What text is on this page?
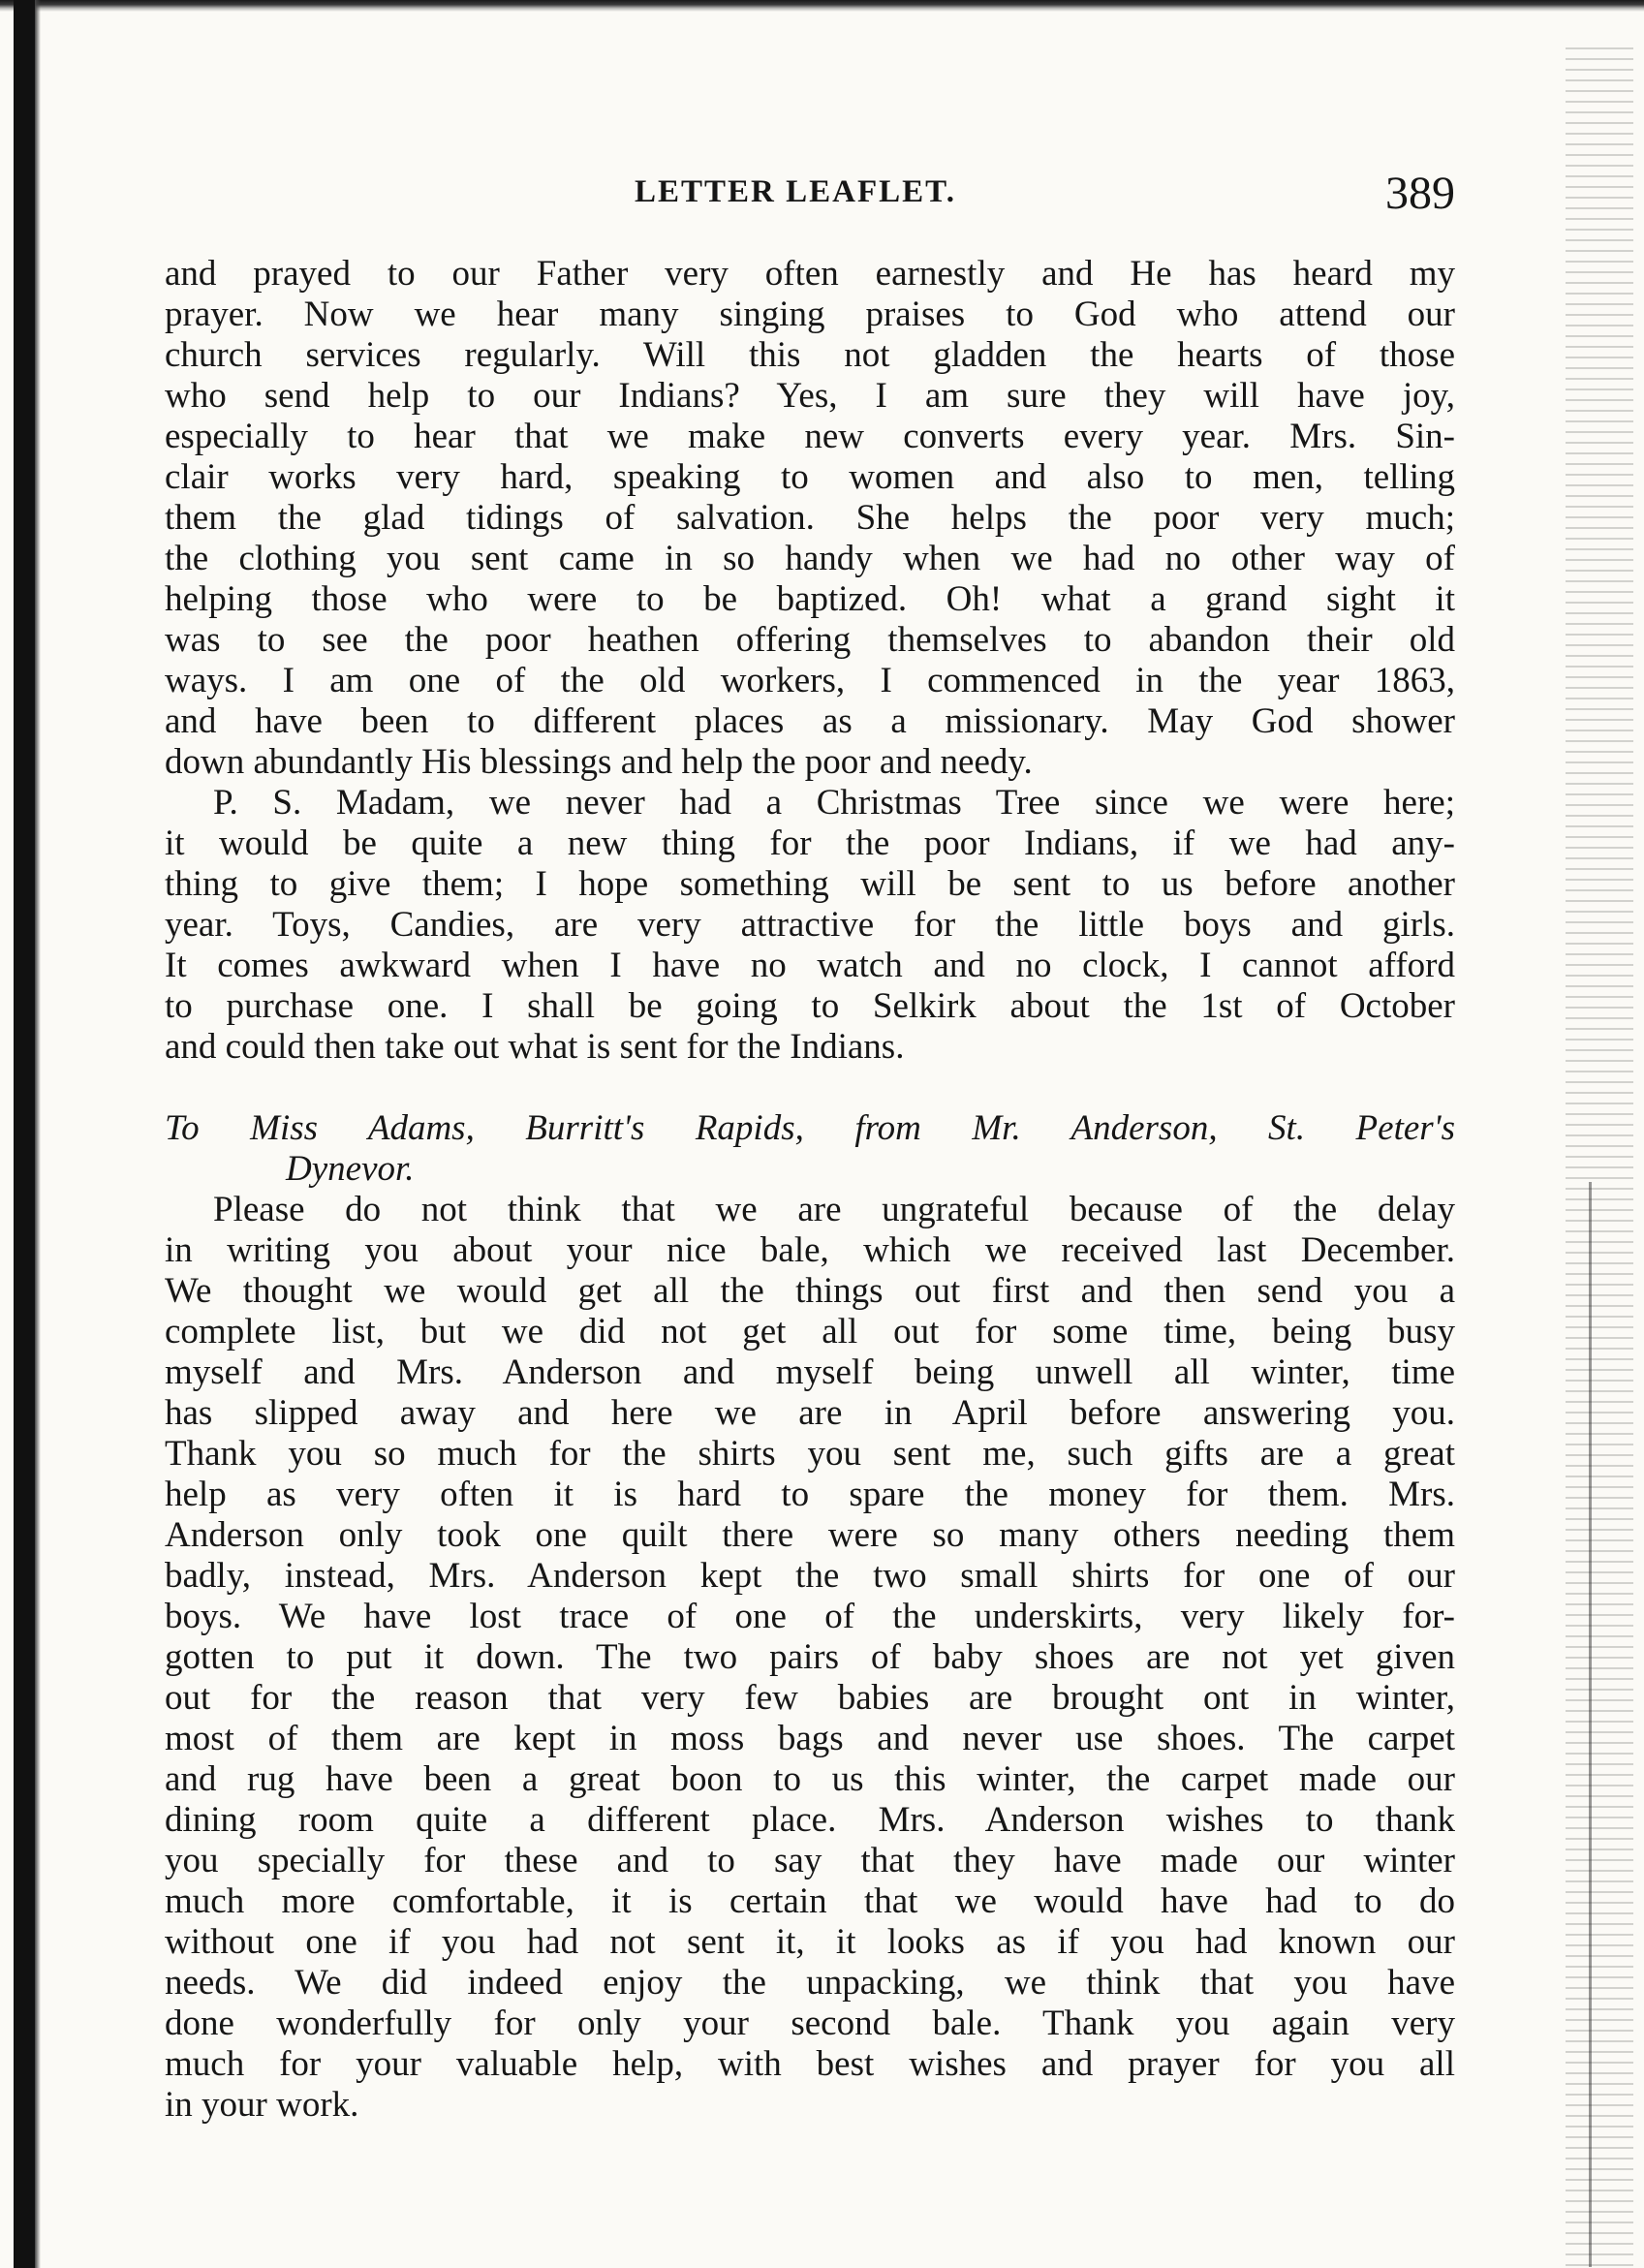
LETTER LEAFLET.	389
and prayed to our Father very often earnestly and He has heard my
prayer. Now we hear many singing praises to God who attend our
church services regularly. Will this not gladden the hearts of those
who send help to our Indians? Yes, I am sure they will have joy,
especially to hear that we make new converts every year. Mrs. Sin-
clair works very hard, speaking to women and also to men, telling
them the glad tidings of salvation. She helps the poor very much;
the clothing you sent came in so handy when we had no other way of
helping those who were to be baptized. Oh! what a grand sight it
was to see the poor heathen offering themselves to abandon their old
ways. I am one of the old workers, I commenced in the year 1863,
and have been to different places as a missionary. May God shower
down abundantly His blessings and help the poor and needy.
P. S. Madam, we never had a Christmas Tree since we were here;
it would be quite a new thing for the poor Indians, if we had any-
thing to give them; I hope something will be sent to us before another
year. Toys, Candies, are very attractive for the little boys and girls.
It comes awkward when I have no watch and no clock, I cannot afford
to purchase one. I shall be going to Selkirk about the 1st of October
and could then take out what is sent for the Indians.
To Miss Adams, Burritt's Rapids, from Mr. Anderson, St. Peter's
Dynevor.
Please do not think that we are ungrateful because of the delay
in writing you about your nice bale, which we received last December.
We thought we would get all the things out first and then send you a
complete list, but we did not get all out for some time, being busy
myself and Mrs. Anderson and myself being unwell all winter, time
has slipped away and here we are in April before answering you.
Thank you so much for the shirts you sent me, such gifts are a great
help as very often it is hard to spare the money for them. Mrs.
Anderson only took one quilt there were so many others needing them
badly, instead, Mrs. Anderson kept the two small shirts for one of our
boys. We have lost trace of one of the underskirts, very likely for-
gotten to put it down. The two pairs of baby shoes are not yet given
out for the reason that very few babies are brought ont in winter,
most of them are kept in moss bags and never use shoes. The carpet
and rug have been a great boon to us this winter, the carpet made our
dining room quite a different place. Mrs. Anderson wishes to thank
you specially for these and to say that they have made our winter
much more comfortable, it is certain that we would have had to do
without one if you had not sent it, it looks as if you had known our
needs. We did indeed enjoy the unpacking, we think that you have
done wonderfully for only your second bale. Thank you again very
much for your valuable help, with best wishes and prayer for you all
in your work.
